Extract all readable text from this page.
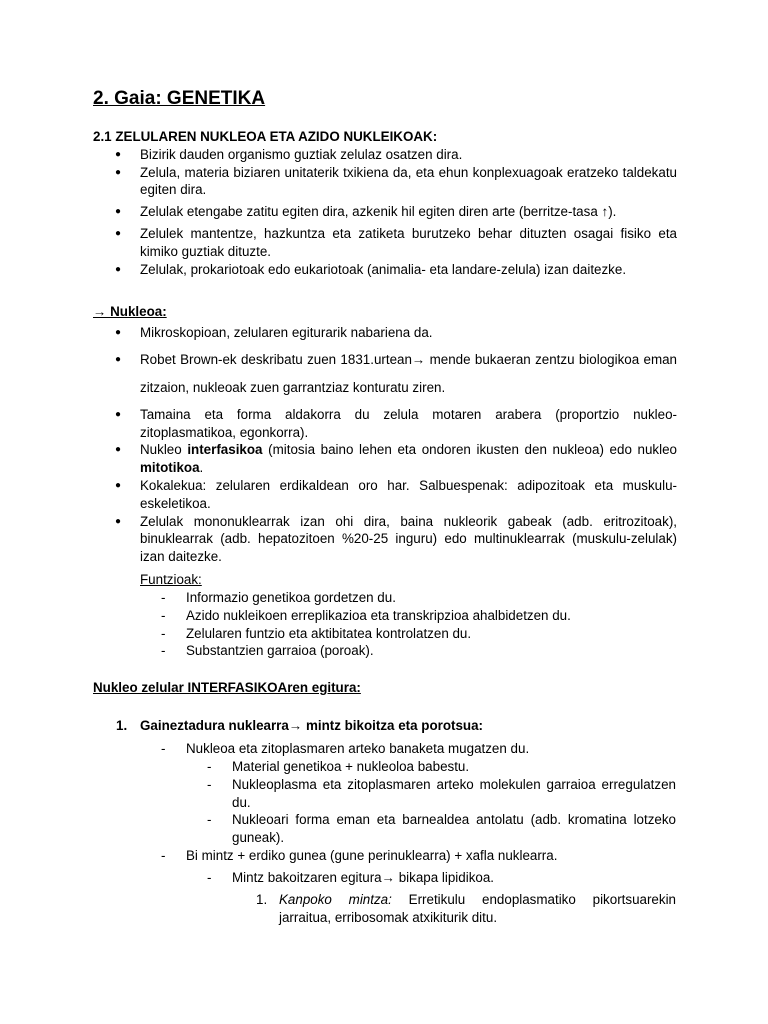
2. Gaia: GENETIKA
2.1 ZELULAREN NUKLEOA ETA AZIDO NUKLEIKOAK:
● Bizirik dauden organismo guztiak zelulaz osatzen dira.
● Zelula, materia biziaren unitaterik txikiena da, eta ehun konplexuagoak eratzeko taldekatu egiten dira.
● Zelulak etengabe zatitu egiten dira, azkenik hil egiten diren arte (berritze-tasa ↑).
● Zelulek mantentze, hazkuntza eta zatiketa burutzeko behar dituzten osagai fisiko eta kimiko guztiak dituzte.
● Zelulak, prokariotoak edo eukariotoak (animalia- eta landare-zelula) izan daitezke.
→ Nukleoa:
● Mikroskopioan, zelularen egiturarik nabariena da.
● Robet Brown-ek deskribatu zuen 1831.urtean→ mende bukaeran zentzu biologikoa eman zitzaion, nukleoak zuen garrantziaz konturatu ziren.
● Tamaina eta forma aldakorra du zelula motaren arabera (proportzio nukleo-zitoplasmatikoa, egonkorra).
● Nukleo interfasikoa (mitosia baino lehen eta ondoren ikusten den nukleoa) edo nukleo mitotikoa.
● Kokalekua: zelularen erdikaldean oro har. Salbuespenak: adipozitoak eta muskulu-eskeletikoa.
● Zelulak mononuklearrak izan ohi dira, baina nukleorik gabeak (adb. eritrozitoak), binuklearrak (adb. hepatozitoen %20-25 inguru) edo multinuklearrak (muskulu-zelulak) izan daitezke.
Funtzioak:
- Informazio genetikoa gordetzen du.
- Azido nukleikoen erreplikazioa eta transkripzioa ahalbidetzen du.
- Zelularen funtzio eta aktibitatea kontrolatzen du.
- Substantzien garraioa (poroak).
Nukleo zelular INTERFASIKOAren egitura:
1. Gaineztadura nuklearra→ mintz bikoitza eta porotsua:
- Nukleoa eta zitoplasmaren arteko banaketa mugatzen du.
- Material genetikoa + nukleoloa babestu.
- Nukleoplasma eta zitoplasmaren arteko molekulen garraioa erregulatzen du.
- Nukleoari forma eman eta barnealdea antolatu (adb. kromatina lotzeko guneak).
- Bi mintz + erdiko gunea (gune perinuklearra) + xafla nuklearra.
- Mintz bakoitzaren egitura→ bikapa lipidikoa.
1. Kanpoko mintza: Erretikulu endoplasmatiko pikortsuarekin jarraitua, erribosomak atxikiturik ditu.
